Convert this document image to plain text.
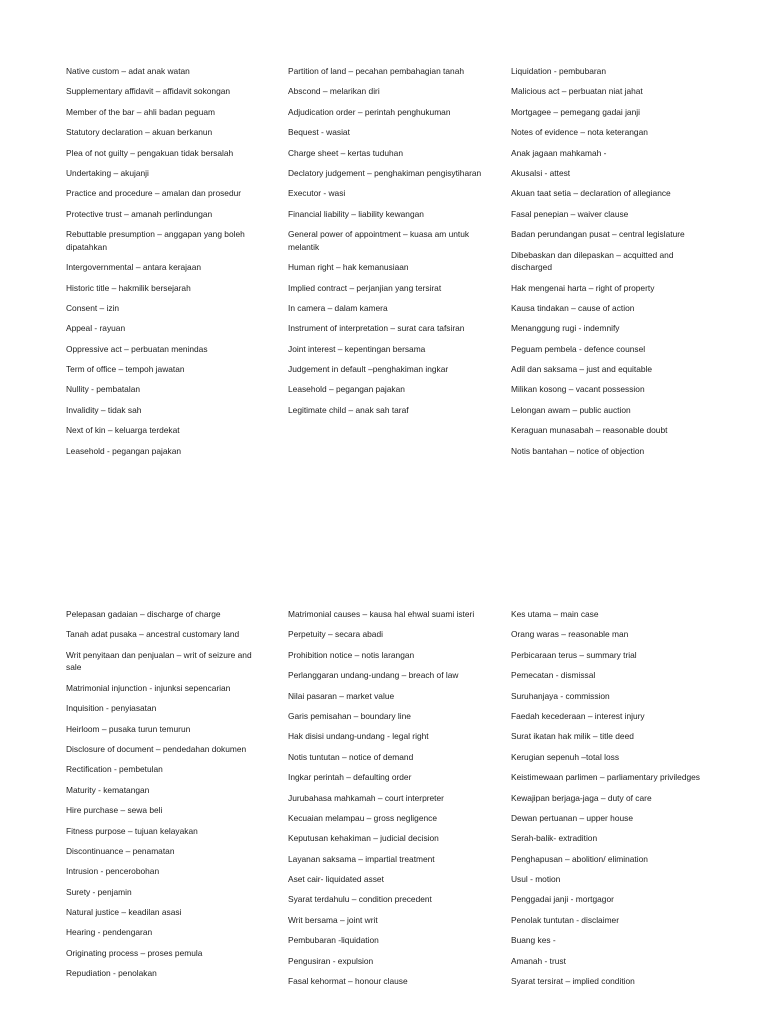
Native custom – adat anak watan
Supplementary affidavit – affidavit sokongan
Member of the bar – ahli badan peguam
Statutory declaration – akuan berkanun
Plea of not guilty – pengakuan tidak bersalah
Undertaking – akujanji
Practice and procedure – amalan dan prosedur
Protective trust – amanah perlindungan
Rebuttable presumption – anggapan yang boleh dipatahkan
Intergovernmental – antara kerajaan
Historic title – hakmilik bersejarah
Consent – izin
Appeal - rayuan
Oppressive act – perbuatan menindas
Term of office – tempoh jawatan
Nullity - pembatalan
Invalidity – tidak sah
Next of kin – keluarga terdekat
Leasehold - pegangan pajakan
Partition of land – pecahan pembahagian tanah
Abscond – melarikan diri
Adjudication order – perintah penghukuman
Bequest - wasiat
Charge sheet – kertas tuduhan
Declatory judgement – penghakiman pengisytiharan
Executor - wasi
Financial liability – liability kewangan
General power of appointment – kuasa am untuk melantik
Human right – hak kemanusiaan
Implied contract – perjanjian yang tersirat
In camera – dalam kamera
Instrument of interpretation – surat cara tafsiran
Joint interest – kepentingan bersama
Judgement in default –penghakiman ingkar
Leasehold – pegangan pajakan
Legitimate child – anak sah taraf
Liquidation - pembubaran
Malicious act – perbuatan niat jahat
Mortgagee – pemegang gadai janji
Notes of evidence – nota keterangan
Anak jagaan mahkamah -
Akusalsi - attest
Akuan taat setia – declaration of allegiance
Fasal penepian – waiver clause
Badan perundangan pusat – central legislature
Dibebaskan dan dilepaskan – acquitted and discharged
Hak mengenai harta – right of property
Kausa tindakan – cause of action
Menanggung rugi - indemnify
Peguam pembela - defence counsel
Adil dan saksama – just and equitable
Milikan kosong – vacant possession
Lelongan awam – public auction
Keraguan munasabah – reasonable doubt
Notis bantahan – notice of objection
Pelepasan gadaian – discharge of charge
Tanah adat pusaka – ancestral customary land
Writ penyitaan dan penjualan – writ of seizure and sale
Matrimonial injunction - injunksi sepencarian
Inquisition - penyiasatan
Heirloom – pusaka turun temurun
Disclosure of document – pendedahan dokumen
Rectification - pembetulan
Maturity - kematangan
Hire purchase – sewa beli
Fitness purpose – tujuan kelayakan
Discontinuance – penamatan
Intrusion - pencerobohan
Surety - penjamin
Natural justice – keadilan asasi
Hearing - pendengaran
Originating process – proses pemula
Repudiation - penolakan
Matrimonial causes – kausa hal ehwal suami isteri
Perpetuity – secara abadi
Prohibition notice – notis larangan
Perlanggaran undang-undang – breach of law
Nilai pasaran – market value
Garis pemisahan – boundary line
Hak disisi undang-undang - legal right
Notis tuntutan – notice of demand
Ingkar perintah – defaulting order
Jurubahasa mahkamah – court interpreter
Kecuaian melampau – gross negligence
Keputusan kehakiman – judicial decision
Layanan saksama – impartial treatment
Aset cair- liquidated asset
Syarat terdahulu – condition precedent
Writ bersama – joint writ
Pembubaran -liquidation
Pengusiran - expulsion
Fasal kehormat – honour clause
Kes utama – main case
Orang waras – reasonable man
Perbicaraan terus – summary trial
Pemecatan - dismissal
Suruhanjaya - commission
Faedah kecederaan – interest injury
Surat ikatan hak milik – title deed
Kerugian sepenuh –total loss
Keistimewaan parlimen – parliamentary priviledges
Kewajipan berjaga-jaga – duty of care
Dewan pertuanan – upper house
Serah-balik- extradition
Penghapusan – abolition/ elimination
Usul - motion
Penggadai janji - mortgagor
Penolak tuntutan - disclaimer
Buang kes -
Amanah - trust
Syarat tersirat – implied condition
